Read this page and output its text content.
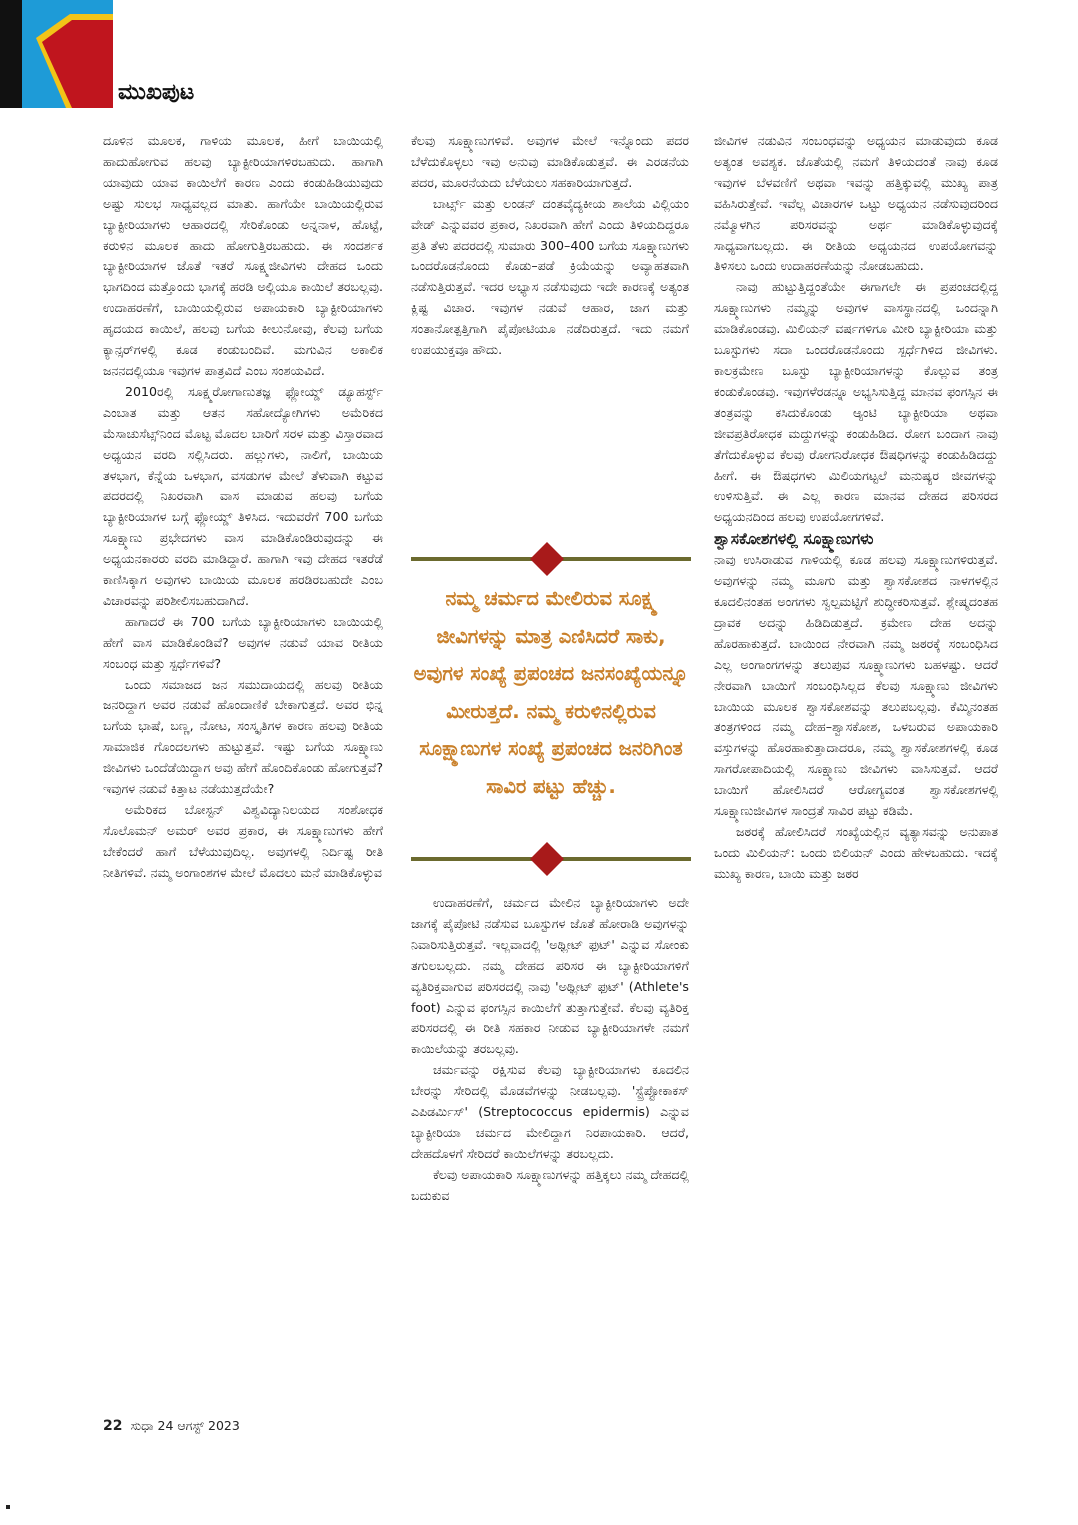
ಮುಖಪುಟ

ದೂಳಿನ ಮೂಲಕ, ಗಾಳಿಯ ಮೂಲಕ, ಹೀಗೆ ಬಾಯಿಯಲ್ಲಿ ಹಾದುಹೋಗುವ ಹಲವು ಬ್ಯಾಕ್ಟೀರಿಯಾಗಳಿರಬಹುದು. ಹಾಗಾಗಿ ಯಾವುದು ಯಾವ ಕಾಯಿಲೆಗೆ ಕಾರಣ ಎಂದು ಕಂಡುಹಿಡಿಯುವುದು ಅಷ್ಟು ಸುಲಭ ಸಾಧ್ಯವಲ್ಲದ ಮಾತು. ಹಾಗೆಯೇ ಬಾಯಿಯಲ್ಲಿರುವ ಬ್ಯಾಕ್ಟೀರಿಯಾಗಳು ಆಹಾರದಲ್ಲಿ ಸೇರಿಕೊಂಡು ಅನ್ನನಾಳ, ಹೊಟ್ಟೆ, ಕರುಳಿನ ಮೂಲಕ ಹಾದು ಹೋಗುತ್ತಿರಬಹುದು. ಈ ಸಂದರ್ಶಕ ಬ್ಯಾಕ್ಟೀರಿಯಾಗಳ ಜೊತೆ ಇತರೆ ಸೂಕ್ಷ್ಮಜೀವಿಗಳು ದೇಹದ ಒಂದು ಭಾಗದಿಂದ ಮತ್ತೊಂದು ಭಾಗಕ್ಕೆ ಹರಡಿ ಅಲ್ಲಿಯೂ ಕಾಯಿಲೆ ತರಬಲ್ಲವು. ಉದಾಹರಣೆಗೆ, ಬಾಯಿಯಲ್ಲಿರುವ ಅಪಾಯಕಾರಿ ಬ್ಯಾಕ್ಟೀರಿಯಾಗಳು ಹೃದಯದ ಕಾಯಿಲೆ, ಹಲವು ಬಗೆಯ ಕೀಲುನೋವು, ಕೆಲವು ಬಗೆಯ ಕ್ಯಾನ್ಸರ್‌ಗಳಲ್ಲಿ ಕೂಡ ಕಂಡುಬಂದಿವೆ. ಮಗುವಿನ ಅಕಾಲಿಕ ಜನನದಲ್ಲಿಯೂ ಇವುಗಳ ಪಾತ್ರವಿದೆ ಎಂಬ ಸಂಶಯವಿದೆ.

2010ರಲ್ಲಿ ಸೂಕ್ಷ್ಮರೋಗಾಣುತಜ್ಞ ಫ್ಲೋಯ್ಡ್ ಡ್ಯೂಹರ್ಸ್ಟ್ ಎಂಬಾತ ಮತ್ತು ಆತನ ಸಹೋದ್ಯೋಗಿಗಳು ಅಮೆರಿಕದ ಮೆಸಾಚುಸೆಟ್ಸ್‌ನಿಂದ ಮೊಟ್ಟ ಮೊದಲ ಬಾರಿಗೆ ಸರಳ ಮತ್ತು ವಿಸ್ತಾರವಾದ ಅಧ್ಯಯನ ವರದಿ ಸಲ್ಲಿಸಿದರು. ಹಲ್ಲುಗಳು, ನಾಲಿಗೆ, ಬಾಯಿಯ ತಳಭಾಗ, ಕೆನ್ನೆಯ ಒಳಭಾಗ, ವಸಡುಗಳ ಮೇಲೆ ತೆಳುವಾಗಿ ಕಟ್ಟುವ ಪದರದಲ್ಲಿ ನಿಖರವಾಗಿ ವಾಸ ಮಾಡುವ ಹಲವು ಬಗೆಯ ಬ್ಯಾಕ್ಟೀರಿಯಾಗಳ ಬಗ್ಗೆ ಫ್ಲೋಯ್ಡ್ ತಿಳಿಸಿದ. ಇದುವರೆಗೆ 700 ಬಗೆಯ ಸೂಕ್ಷ್ಮಾಣು ಪ್ರಭೇದಗಳು ವಾಸ ಮಾಡಿಕೊಂಡಿರುವುದನ್ನು ಈ ಅಧ್ಯಯನಕಾರರು ವರದಿ ಮಾಡಿದ್ದಾರೆ. ಹಾಗಾಗಿ ಇವು ದೇಹದ ಇತರೆಡೆ ಕಾಣಿಸಿಕ್ಕಾಗ ಅವುಗಳು ಬಾಯಿಯ ಮೂಲಕ ಹರಡಿರಬಹುದೇ ಎಂಬ ವಿಚಾರವನ್ನು ಪರಿಶೀಲಿಸಬಹುದಾಗಿದೆ.

ಹಾಗಾದರೆ ಈ 700 ಬಗೆಯ ಬ್ಯಾಕ್ಟೀರಿಯಾಗಳು ಬಾಯಿಯಲ್ಲಿ ಹೇಗೆ ವಾಸ ಮಾಡಿಕೊಂಡಿವೆ? ಅವುಗಳ ನಡುವೆ ಯಾವ ರೀತಿಯ ಸಂಬಂಧ ಮತ್ತು ಸ್ಪರ್ಧೆಗಳಿವೆ?

ಒಂದು ಸಮಾಜದ ಜನ ಸಮುದಾಯದಲ್ಲಿ ಹಲವು ರೀತಿಯ ಜನರಿದ್ದಾಗ ಅವರ ನಡುವೆ ಹೊಂದಾಣಿಕೆ ಬೇಕಾಗುತ್ತದೆ. ಅವರ ಭಿನ್ನ ಬಗೆಯ ಭಾಷೆ, ಬಣ್ಣ, ನೋಟ, ಸಂಸ್ಕೃತಿಗಳ ಕಾರಣ ಹಲವು ರೀತಿಯ ಸಾಮಾಜಿಕ ಗೊಂದಲಗಳು ಹುಟ್ಟುತ್ತವೆ. ಇಷ್ಟು ಬಗೆಯ ಸೂಕ್ಷ್ಮಾಣು ಜೀವಿಗಳು ಒಂದೆಡೆಯಿದ್ದಾಗ ಅವು ಹೇಗೆ ಹೊಂದಿಕೊಂಡು ಹೋಗುತ್ತವೆ? ಇವುಗಳ ನಡುವೆ ಕಿತ್ತಾಟ ನಡೆಯುತ್ತದೆಯೇ?

ಅಮೆರಿಕದ ಬೋಸ್ಟನ್ ವಿಶ್ವವಿದ್ಯಾನಿಲಯದ ಸಂಶೋಧಕ ಸೊಲೊಮನ್ ಅಮರ್ ಅವರ ಪ್ರಕಾರ, ಈ ಸೂಕ್ಷ್ಮಾಣುಗಳು ಹೇಗೆ ಬೇಕೆಂದರೆ ಹಾಗೆ ಬೆಳೆಯುವುದಿಲ್ಲ. ಅವುಗಳಲ್ಲಿ ನಿರ್ದಿಷ್ಟ ರೀತಿ ನೀತಿಗಳಿವೆ. ನಮ್ಮ ಅಂಗಾಂಶಗಳ ಮೇಲೆ ಮೊದಲು ಮನೆ ಮಾಡಿಕೊಳ್ಳುವ

ಕೆಲವು ಸೂಕ್ಷ್ಮಾಣುಗಳಿವೆ. ಅವುಗಳ ಮೇಲೆ ಇನ್ನೊಂದು ಪದರ ಬೆಳೆದುಕೊಳ್ಳಲು ಇವು ಅನುವು ಮಾಡಿಕೊಡುತ್ತವೆ. ಈ ಎರಡನೆಯ ಪದರ, ಮೂರನೆಯದು ಬೆಳೆಯಲು ಸಹಕಾರಿಯಾಗುತ್ತದೆ.

ಬಾರ್ಟ್ಸ್ ಮತ್ತು ಲಂಡನ್ ದಂತವೈದ್ಯಕೀಯ ಶಾಲೆಯ ವಿಲ್ಲಿಯಂ ವೇಡ್ ಎನ್ನುವವರ ಪ್ರಕಾರ, ನಿಖರವಾಗಿ ಹೇಗೆ ಎಂದು ತಿಳಿಯದಿದ್ದರೂ ಪ್ರತಿ ತೆಳು ಪದರದಲ್ಲಿ ಸುಮಾರು 300–400 ಬಗೆಯ ಸೂಕ್ಷ್ಮಾಣುಗಳು ಒಂದರೊಡನೊಂದು ಕೊಡು–ಪಡೆ ಕ್ರಿಯೆಯನ್ನು ಅವ್ಯಾಹತವಾಗಿ ನಡೆಸುತ್ತಿರುತ್ತವೆ. ಇದರ ಅಭ್ಯಾಸ ನಡೆಸುವುದು ಇದೇ ಕಾರಣಕ್ಕೆ ಅತ್ಯಂತ ಕ್ಲಿಷ್ಟ ವಿಚಾರ. ಇವುಗಳ ನಡುವೆ ಆಹಾರ, ಜಾಗ ಮತ್ತು ಸಂತಾನೋತ್ಪತ್ತಿಗಾಗಿ ಪೈಪೋಟಿಯೂ ನಡೆದಿರುತ್ತದೆ. ಇದು ನಮಗೆ ಉಪಯುಕ್ತವೂ ಹೌದು.

ನಮ್ಮ ಚರ್ಮದ ಮೇಲಿರುವ ಸೂಕ್ಷ್ಮ ಜೀವಿಗಳನ್ನು ಮಾತ್ರ ಎಣಿಸಿದರೆ ಸಾಕು, ಅವುಗಳ ಸಂಖ್ಯೆ ಪ್ರಪಂಚದ ಜನಸಂಖ್ಯೆಯನ್ನೂ ಮೀರುತ್ತದೆ. ನಮ್ಮ ಕರುಳಿನಲ್ಲಿರುವ ಸೂಕ್ಷ್ಮಾಣುಗಳ ಸಂಖ್ಯೆ ಪ್ರಪಂಚದ ಜನರಿಗಿಂತ ಸಾವಿರ ಪಟ್ಟು ಹೆಚ್ಚು.

ಉದಾಹರಣೆಗೆ, ಚರ್ಮದ ಮೇಲಿನ ಬ್ಯಾಕ್ಟೀರಿಯಾಗಳು ಅದೇ ಜಾಗಕ್ಕೆ ಪೈಪೋಟಿ ನಡೆಸುವ ಬೂಸ್ಟುಗಳ ಜೊತೆ ಹೋರಾಡಿ ಅವುಗಳನ್ನು ನಿವಾರಿಸುತ್ತಿರುತ್ತವೆ. ಇಲ್ಲವಾದಲ್ಲಿ 'ಅಥ್ಲೀಟ್ ಫುಟ್' ಎನ್ನುವ ಸೋಂಕು ತಗುಲಬಲ್ಲದು. ನಮ್ಮ ದೇಹದ ಪರಿಸರ ಈ ಬ್ಯಾಕ್ಟೀರಿಯಾಗಳಿಗೆ ವ್ಯತಿರಿಕ್ತವಾಗುವ ಪರಿಸರದಲ್ಲಿ ನಾವು 'ಅಥ್ಲೀಟ್ ಫುಟ್' (Athlete's foot) ಎನ್ನುವ ಫಂಗಸ್ಸಿನ ಕಾಯಿಲೆಗೆ ತುತ್ತಾಗುತ್ತೇವೆ. ಕೆಲವು ವ್ಯತಿರಿಕ್ತ ಪರಿಸರದಲ್ಲಿ ಈ ರೀತಿ ಸಹಕಾರ ನೀಡುವ ಬ್ಯಾಕ್ಟೀರಿಯಾಗಳೇ ನಮಗೆ ಕಾಯಿಲೆಯನ್ನು ತರಬಲ್ಲವು.

ಚರ್ಮವನ್ನು ರಕ್ಷಿಸುವ ಕೆಲವು ಬ್ಯಾಕ್ಟೀರಿಯಾಗಳು ಕೂದಲಿನ ಬೇರನ್ನು ಸೇರಿದಲ್ಲಿ ಮೊಡವೆಗಳನ್ನು ನೀಡಬಲ್ಲವು. 'ಸ್ಟ್ರೆಪ್ಟೋಕಾಕಸ್ ಎಪಿಡರ್ಮಿಸ್' (Streptococcus epidermis) ಎನ್ನುವ ಬ್ಯಾಕ್ಟೀರಿಯಾ ಚರ್ಮದ ಮೇಲಿದ್ದಾಗ ನಿರಪಾಯಕಾರಿ. ಆದರೆ, ದೇಹದೊಳಗೆ ಸೇರಿದರೆ ಕಾಯಿಲೆಗಳನ್ನು ತರಬಲ್ಲದು.

ಕೆಲವು ಅಪಾಯಕಾರಿ ಸೂಕ್ಷ್ಮಾಣುಗಳನ್ನು ಹತ್ತಿಕ್ಕಲು ನಮ್ಮ ದೇಹದಲ್ಲಿ ಬದುಕುವ

ಜೀವಿಗಳ ನಡುವಿನ ಸಂಬಂಧವನ್ನು ಅಧ್ಯಯನ ಮಾಡುವುದು ಕೂಡ ಅತ್ಯಂತ ಅವಶ್ಯಕ. ಜೊತೆಯಲ್ಲಿ ನಮಗೆ ತಿಳಿಯದಂತೆ ನಾವು ಕೂಡ ಇವುಗಳ ಬೆಳವಣಿಗೆ ಅಥವಾ ಇವನ್ನು ಹತ್ತಿಕ್ಕುವಲ್ಲಿ ಮುಖ್ಯ ಪಾತ್ರ ವಹಿಸಿರುತ್ತೇವೆ. ಇವೆಲ್ಲ ವಿಚಾರಗಳ ಒಟ್ಟು ಅಧ್ಯಯನ ನಡೆಸುವುದರಿಂದ ನಮ್ಮೊಳಗಿನ ಪರಿಸರವನ್ನು ಅರ್ಥ ಮಾಡಿಕೊಳ್ಳುವುದಕ್ಕೆ ಸಾಧ್ಯವಾಗಬಲ್ಲದು. ಈ ರೀತಿಯ ಅಧ್ಯಯನದ ಉಪಯೋಗವನ್ನು ತಿಳಿಸಲು ಒಂದು ಉದಾಹರಣೆಯನ್ನು ನೋಡಬಹುದು.

ನಾವು ಹುಟ್ಟುತ್ತಿದ್ದಂತೆಯೇ ಈಗಾಗಲೇ ಈ ಪ್ರಪಂಚದಲ್ಲಿದ್ದ ಸೂಕ್ಷ್ಮಾಣುಗಳು ನಮ್ಮನ್ನು ಅವುಗಳ ವಾಸಸ್ಥಾನದಲ್ಲಿ ಒಂದನ್ನಾಗಿ ಮಾಡಿಕೊಂಡವು. ಮಿಲಿಯನ್ ವರ್ಷಗಳಿಗೂ ಮೀರಿ ಬ್ಯಾಕ್ಟೀರಿಯಾ ಮತ್ತು ಬೂಸ್ಟುಗಳು ಸದಾ ಒಂದರೊಡನೊಂದು ಸ್ಪರ್ಧೆಗಿಳಿದ ಜೀವಿಗಳು. ಕಾಲಕ್ರಮೇಣ ಬೂಸ್ಟು ಬ್ಯಾಕ್ಟೀರಿಯಾಗಳನ್ನು ಕೊಲ್ಲುವ ತಂತ್ರ ಕಂಡುಕೊಂಡವು. ಇವುಗಳೆರಡನ್ನೂ ಅಭ್ಯಸಿಸುತ್ತಿದ್ದ ಮಾನವ ಫಂಗಸ್ಸಿನ ಈ ತಂತ್ರವನ್ನು ಕಸಿದುಕೊಂಡು ಆ್ಯಂಟಿ ಬ್ಯಾಕ್ಟೀರಿಯಾ ಅಥವಾ ಜೀವಪ್ರತಿರೋಧಕ ಮದ್ದುಗಳನ್ನು ಕಂಡುಹಿಡಿದ. ರೋಗ ಬಂದಾಗ ನಾವು ತೆಗೆದುಕೊಳ್ಳುವ ಕೆಲವು ರೋಗನಿರೋಧಕ ಔಷಧಿಗಳನ್ನು ಕಂಡುಹಿಡಿದದ್ದು ಹೀಗೆ. ಈ ಔಷಧಗಳು ಮಿಲಿಯಗಟ್ಟಲೆ ಮನುಷ್ಯರ ಜೀವಗಳನ್ನು ಉಳಿಸುತ್ತಿವೆ. ಈ ಎಲ್ಲ ಕಾರಣ ಮಾನವ ದೇಹದ ಪರಿಸರದ ಅಧ್ಯಯನದಿಂದ ಹಲವು ಉಪಯೋಗಗಳಿವೆ.

ಶ್ವಾಸಕೋಶಗಳಲ್ಲಿ ಸೂಕ್ಷ್ಮಾಣುಗಳು

ನಾವು ಉಸಿರಾಡುವ ಗಾಳಿಯಲ್ಲಿ ಕೂಡ ಹಲವು ಸೂಕ್ಷ್ಮಾಣುಗಳಿರುತ್ತವೆ. ಅವುಗಳನ್ನು ನಮ್ಮ ಮೂಗು ಮತ್ತು ಶ್ವಾಸಕೋಶದ ನಾಳಗಳಲ್ಲಿನ ಕೂದಲಿನಂತಹ ಅಂಗಗಳು ಸ್ವಲ್ಪಮಟ್ಟಿಗೆ ಶುದ್ಧೀಕರಿಸುತ್ತವೆ. ಶ್ಲೇಷ್ಮದಂತಹ ದ್ರಾವಕ ಅದನ್ನು ಹಿಡಿದಿಡುತ್ತದೆ. ಕ್ರಮೇಣ ದೇಹ ಅದನ್ನು ಹೊರಹಾಕುತ್ತದೆ. ಬಾಯಿಂದ ನೇರವಾಗಿ ನಮ್ಮ ಜಠರಕ್ಕೆ ಸಂಬಂಧಿಸಿದ ಎಲ್ಲ ಅಂಗಾಂಗಗಳನ್ನು ತಲುಪುವ ಸೂಕ್ಷ್ಮಾಣುಗಳು ಬಹಳಷ್ಟು. ಆದರೆ ನೇರವಾಗಿ ಬಾಯಿಗೆ ಸಂಬಂಧಿಸಿಲ್ಲದ ಕೆಲವು ಸೂಕ್ಷ್ಮಾಣು ಜೀವಿಗಳು ಬಾಯಿಯ ಮೂಲಕ ಶ್ವಾಸಕೋಶವನ್ನು ತಲುಪಬಲ್ಲವು. ಕೆಮ್ಮಿನಂತಹ ತಂತ್ರಗಳಿಂದ ನಮ್ಮ ದೇಹ–ಶ್ವಾಸಕೋಶ, ಒಳಬರುವ ಅಪಾಯಕಾರಿ ವಸ್ತುಗಳನ್ನು ಹೊರಹಾಕುತ್ತಾದಾದರೂ, ನಮ್ಮ ಶ್ವಾಸಕೋಶಗಳಲ್ಲಿ ಕೂಡ ಸಾಗರೋಪಾದಿಯಲ್ಲಿ ಸೂಕ್ಷ್ಮಾಣು ಜೀವಿಗಳು ವಾಸಿಸುತ್ತವೆ. ಆದರೆ ಬಾಯಿಗೆ ಹೋಲಿಸಿದರೆ ಆರೋಗ್ಯವಂತ ಶ್ವಾಸಕೋಶಗಳಲ್ಲಿ ಸೂಕ್ಷ್ಮಾಣುಜೀವಿಗಳ ಸಾಂದ್ರತೆ ಸಾವಿರ ಪಟ್ಟು ಕಡಿಮೆ.

ಜಠರಕ್ಕೆ ಹೋಲಿಸಿದರೆ ಸಂಖ್ಯೆಯಲ್ಲಿನ ವ್ಯತ್ಯಾಸವನ್ನು ಅನುಪಾತ ಒಂದು ಮಿಲಿಯನ್: ಒಂದು ಬಿಲಿಯನ್ ಎಂದು ಹೇಳಬಹುದು. ಇದಕ್ಕೆ ಮುಖ್ಯ ಕಾರಣ, ಬಾಯಿ ಮತ್ತು ಜಠರ

22 ಸುಧಾ 24 ಆಗಸ್ಟ್ 2023
